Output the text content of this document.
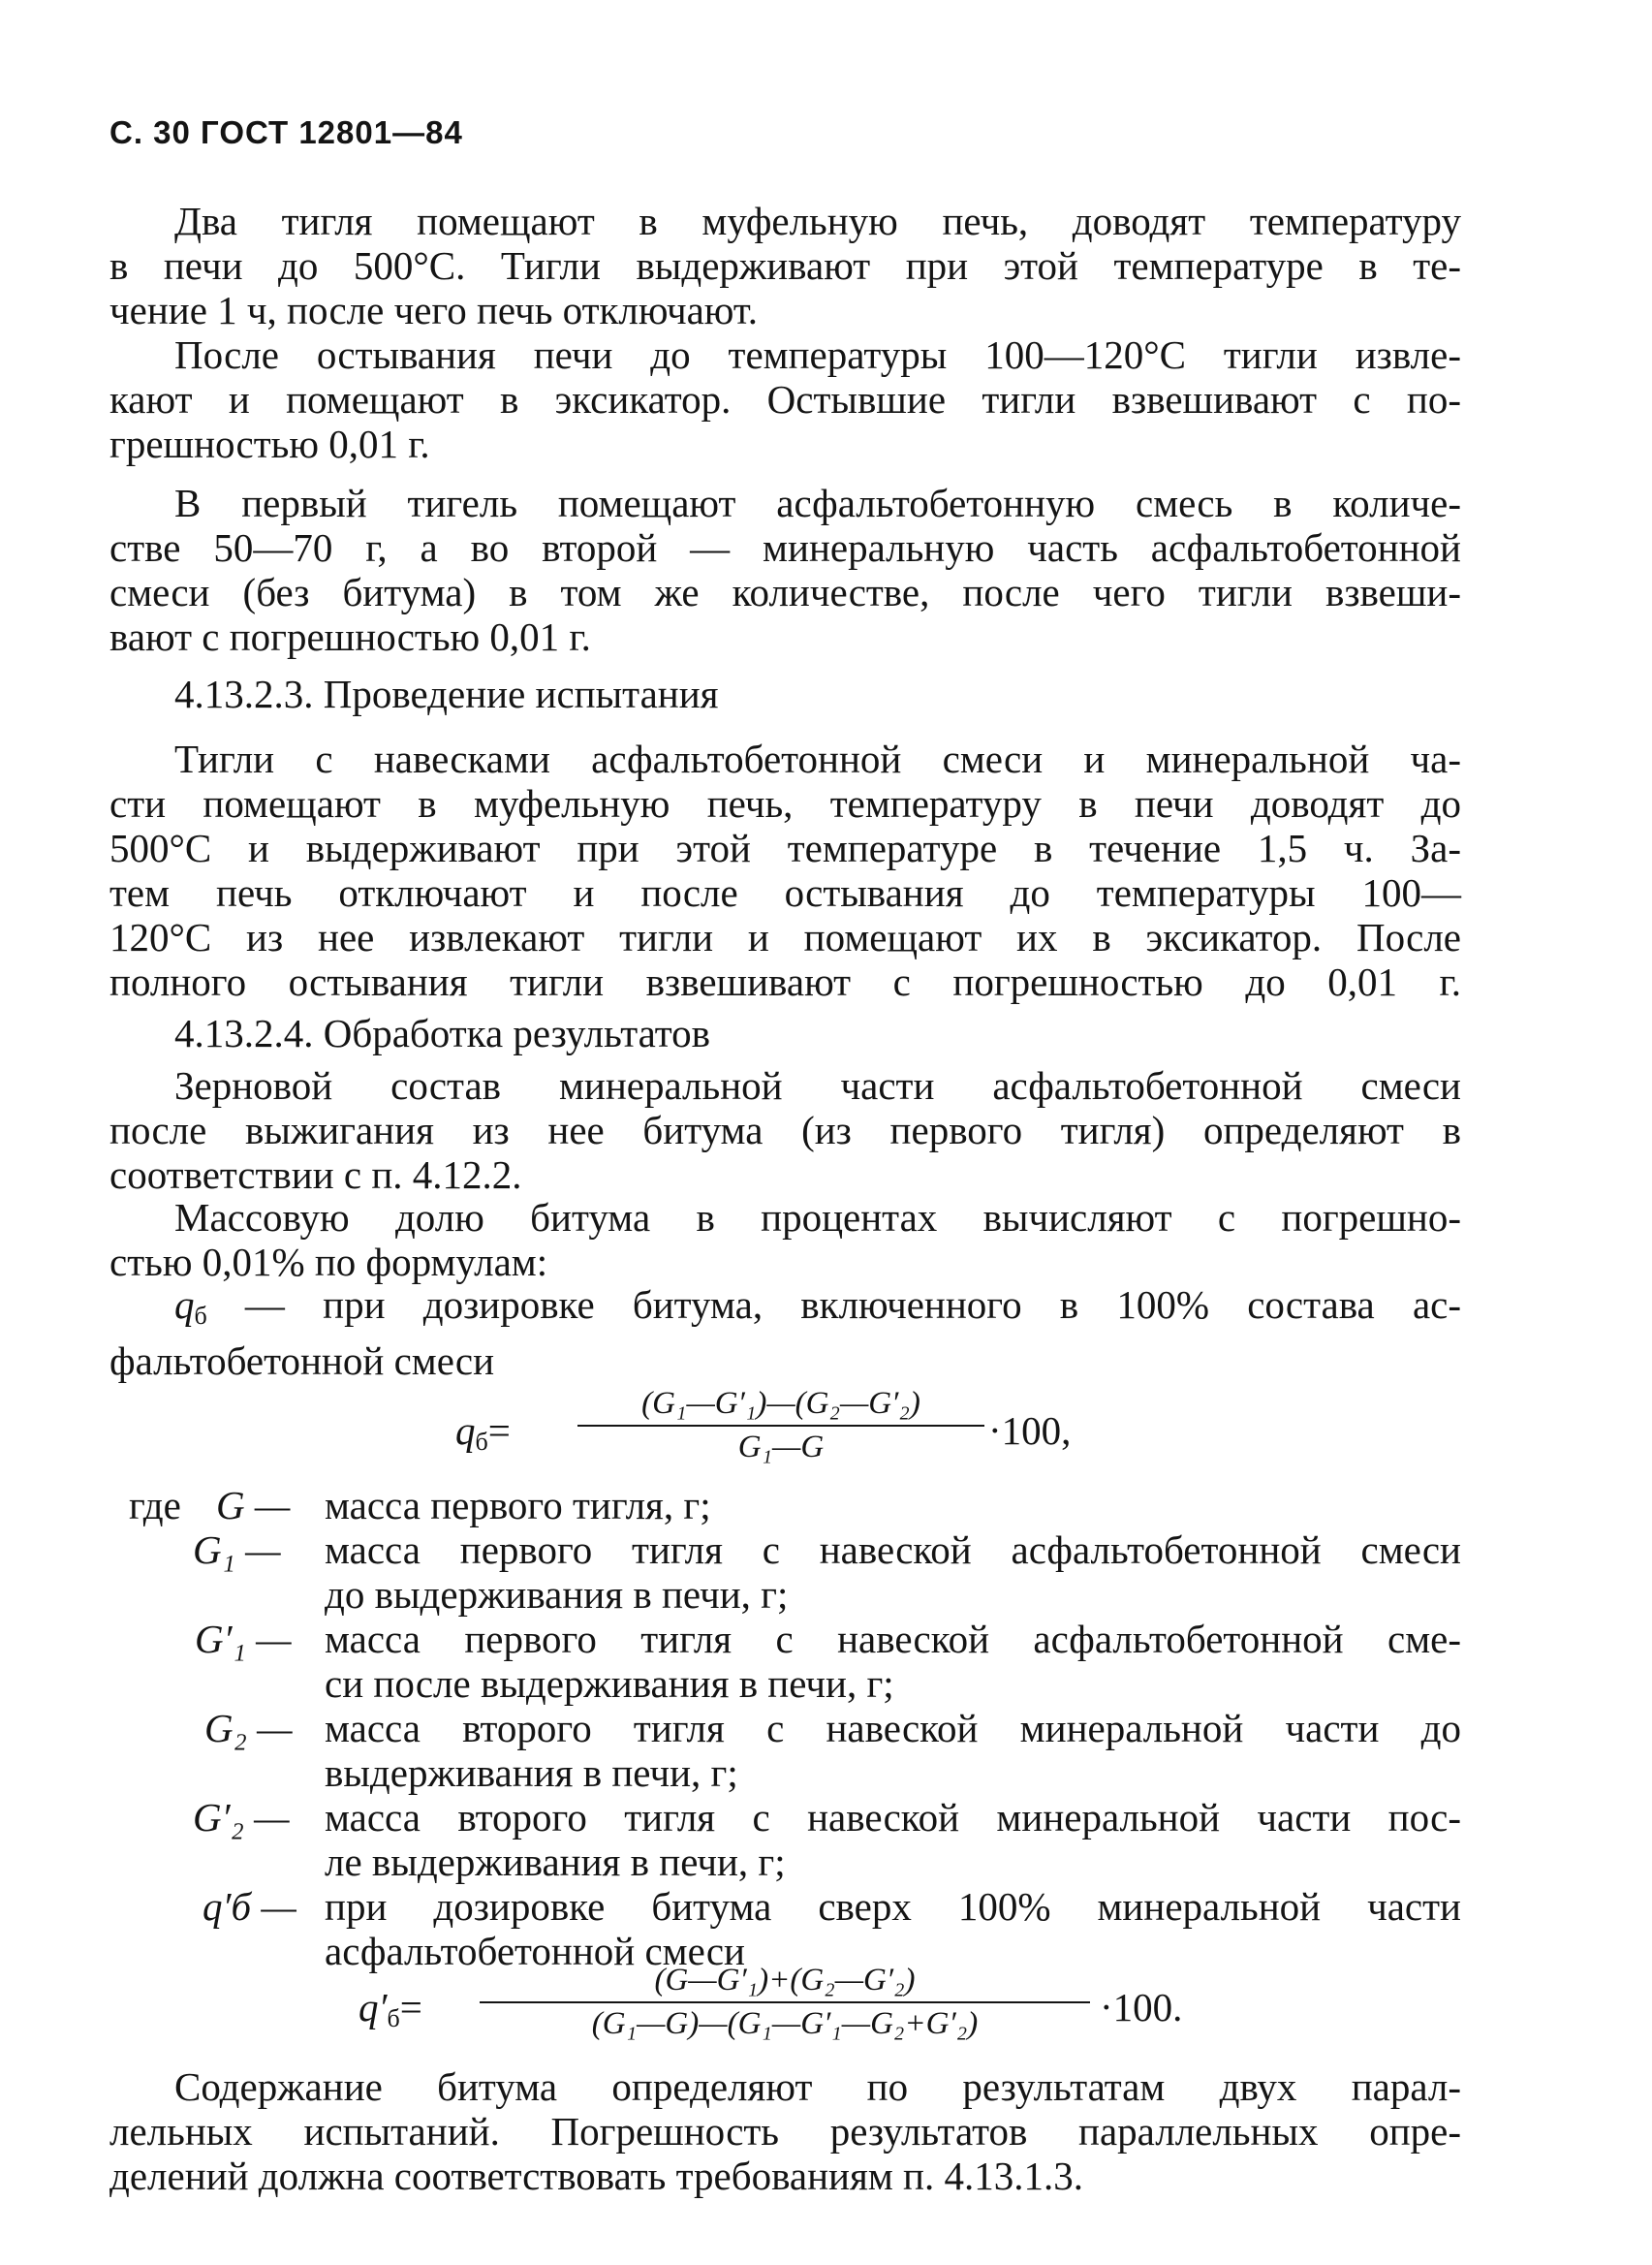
С. 30 ГОСТ 12801—84
Два тигля помещают в муфельную печь, доводят температуру
в печи до 500°С. Тигли выдерживают при этой температуре в те-
чение 1 ч, после чего печь отключают.
После остывания печи до температуры 100—120°С тигли извле-
кают и помещают в эксикатор. Остывшие тигли взвешивают с по-
грешностью 0,01 г.
В первый тигель помещают асфальтобетонную смесь в количе-
стве 50—70 г, а во второй — минеральную часть асфальтобетонной
смеси (без битума) в том же количестве, после чего тигли взвеши-
вают с погрешностью 0,01 г.
4.13.2.3. Проведение испытания
Тигли с навесками асфальтобетонной смеси и минеральной ча-
сти помещают в муфельную печь, температуру в печи доводят до
500°С и выдерживают при этой температуре в течение 1,5 ч. За-
тем печь отключают и после остывания до температуры 100—
120°С из нее извлекают тигли и помещают их в эксикатор. После
полного остывания тигли взвешивают с погрешностью до 0,01 г.
4.13.2.4. Обработка результатов
Зерновой состав минеральной части асфальтобетонной смеси
после выжигания из нее битума (из первого тигля) определяют в
соответствии с п. 4.12.2.
Массовую долю битума в процентах вычисляют с погрешно-
стью 0,01% по формулам:
$q_б$ — при дозировке битума, включенного в 100% состава ас-
фальтобетонной смеси
$q_б=$
(G₁—G′₁)—(G₂—G′₂)
G₁—G	·100,
где G — масса первого тигля, г;
G₁ — масса первого тигля с навеской асфальтобетонной смеси
до выдерживания в печи, г;
G′₁ — масса первого тигля с навеской асфальтобетонной сме-
си после выдерживания в печи, г;
G₂ — масса второго тигля с навеской минеральной части до
выдерживания в печи, г;
G′₂ — масса второго тигля с навеской минеральной части пос-
ле выдерживания в печи, г;
q′б — при дозировке битума сверх 100% минеральной части
асфальтобетонной смеси
$q'_б=$
(G—G′₁)+(G₂—G′₂)
(G₁—G)—(G₁—G′₁—G₂+G′₂)	·100.
Содержание битума определяют по результатам двух парал-
лельных испытаний. Погрешность результатов параллельных опре-
делений должна соответствовать требованиям п. 4.13.1.3.
